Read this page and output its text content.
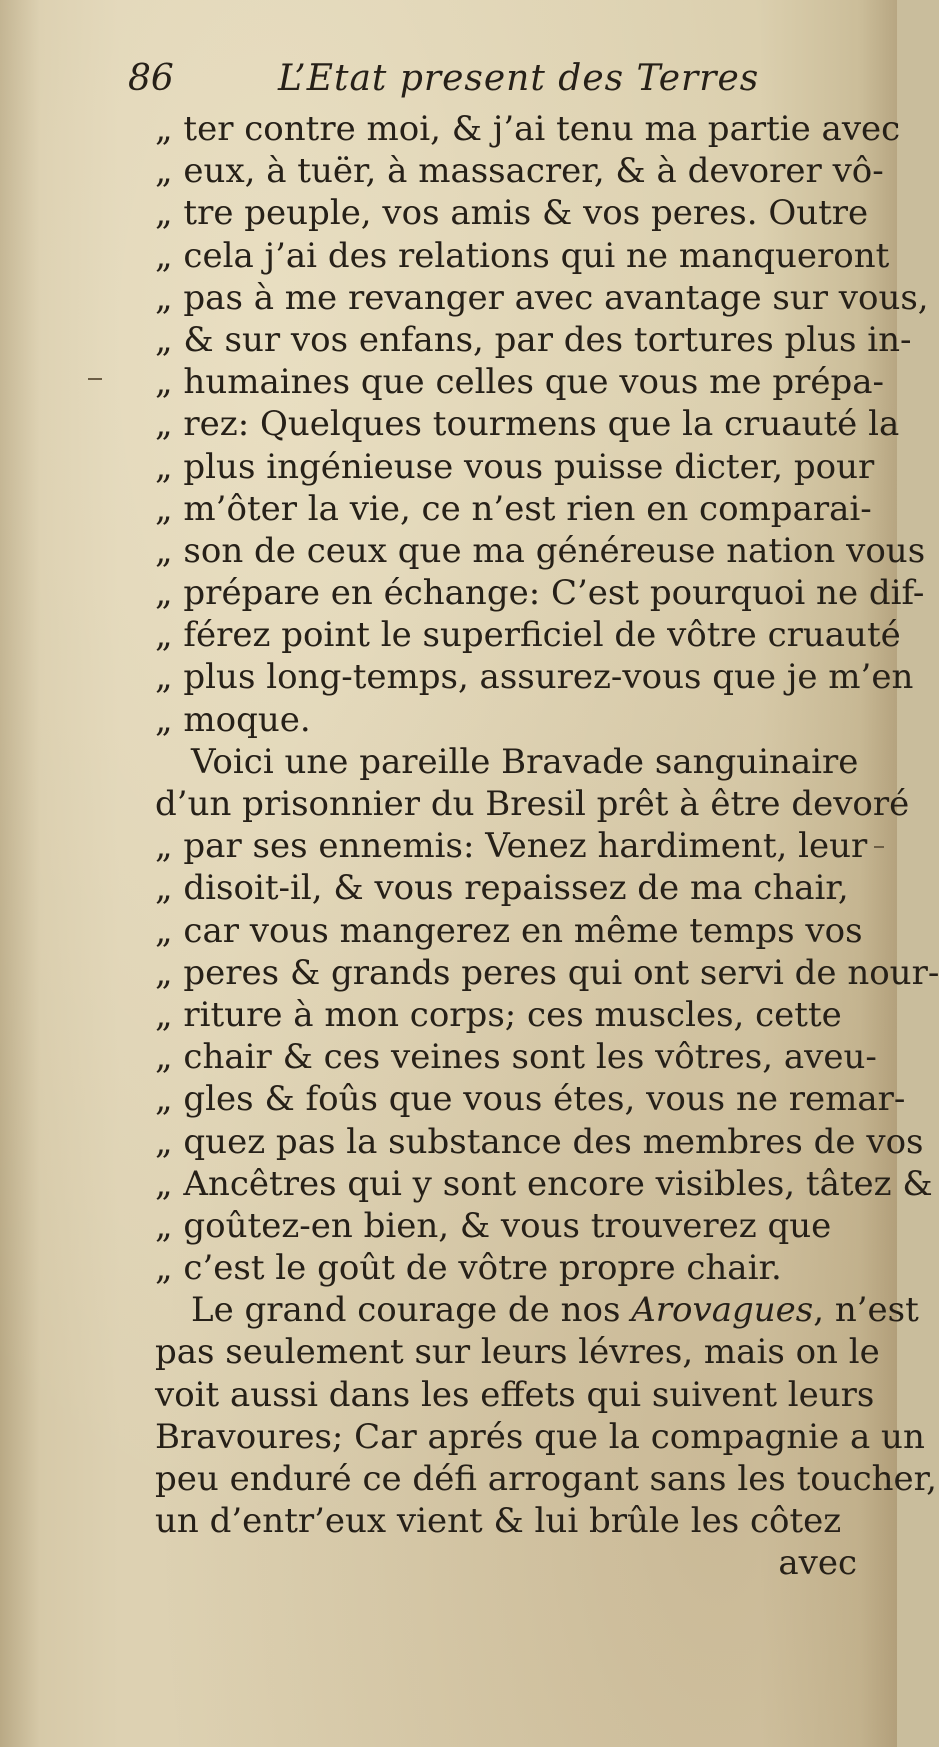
86	L’Etat present des Terres
„ ter contre moi, & j’ai tenu ma partie avec
„ eux, à tuër, à massacrer, & à devorer vô-
„ tre peuple, vos amis & vos peres. Outre
„ cela j’ai des relations qui ne manqueront
„ pas à me revanger avec avantage sur vous,
„ & sur vos enfans, par des tortures plus in-
„ humaines que celles que vous me prépa-
„ rez: Quelques tourmens que la cruauté la
„ plus ingénieuse vous puisse dicter, pour
„ m’ôter la vie, ce n’est rien en comparai-
„ son de ceux que ma généreuse nation vous
„ prépare en échange: C’est pourquoi ne dif-
„ férez point le superficiel de vôtre cruauté
„ plus long-temps, assurez-vous que je m’en
„ moque.
Voici une pareille Bravade sanguinaire
d’un prisonnier du Bresil prêt à être devoré
„ par ses ennemis: Venez hardiment, leur
„ disoit-il, & vous repaissez de ma chair,
„ car vous mangerez en même temps vos
„ peres & grands peres qui ont servi de nour-
„ riture à mon corps; ces muscles, cette
„ chair & ces veines sont les vôtres, aveu-
„ gles & foûs que vous étes, vous ne remar-
„ quez pas la substance des membres de vos
„ Ancêtres qui y sont encore visibles, tâtez &
„ goûtez-en bien, & vous trouverez que
„ c’est le goût de vôtre propre chair.
Le grand courage de nos Arovagues, n’est
pas seulement sur leurs lévres, mais on le
voit aussi dans les effets qui suivent leurs
Bravoures; Car aprés que la compagnie a un
peu enduré ce défi arrogant sans les toucher,
un d’entr’eux vient & lui brûle les côtez
avec
